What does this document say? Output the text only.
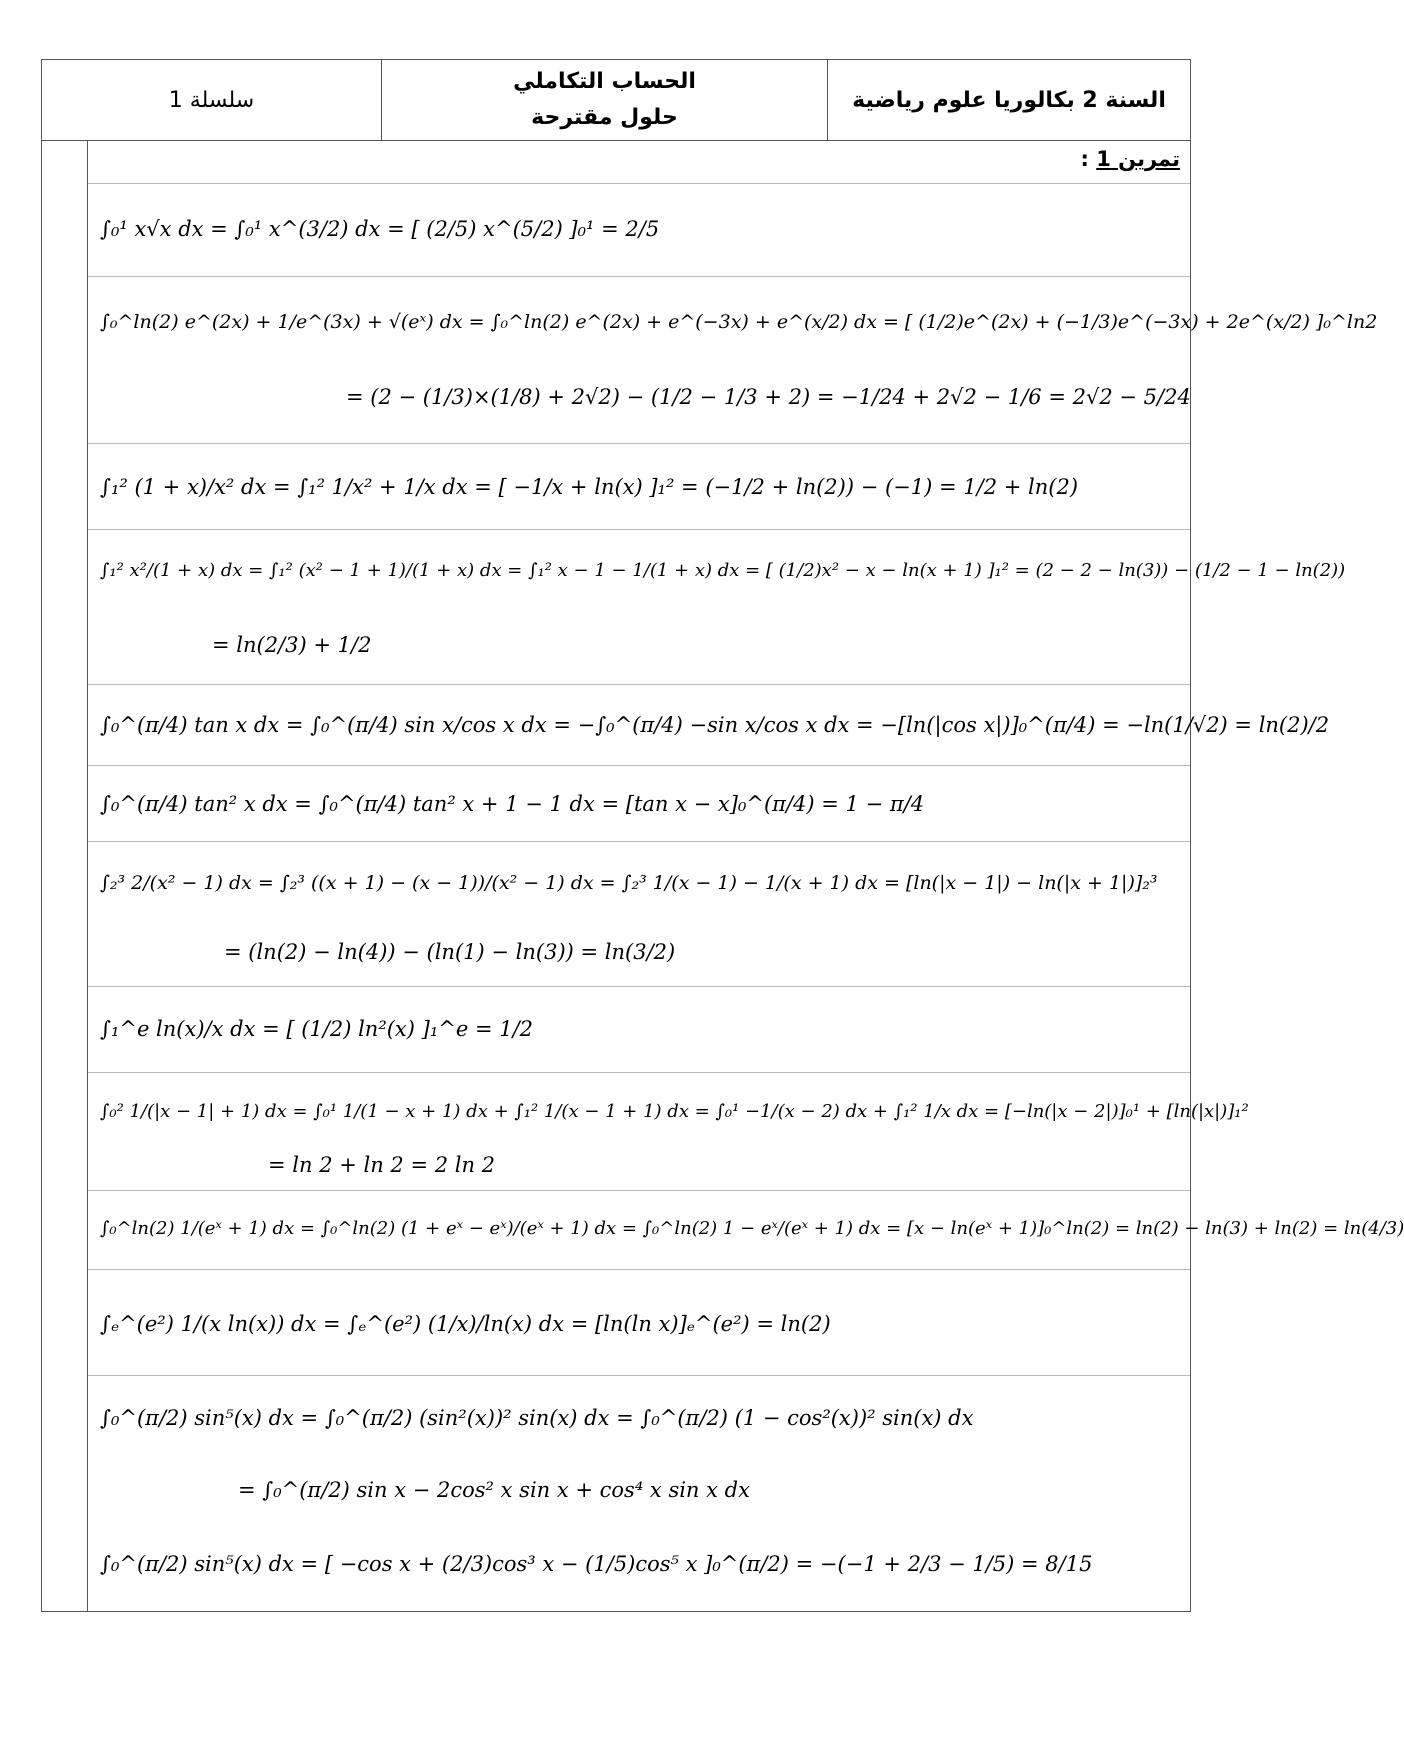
سلسلة 1
الحساب التكاملي
حلول مقترحة
السنة 2 بكالوريا علوم رياضية
تمرين 1 :
∫₀¹ x√x dx = ∫₀¹ x^(3/2) dx = [ (2/5) x^(5/2) ]₀¹ = 2/5
∫₀^ln(2) e^(2x) + 1/e^(3x) + √(eˣ) dx = ∫₀^ln(2) e^(2x) + e^(−3x) + e^(x/2) dx = [ (1/2)e^(2x) + (−1/3)e^(−3x) + 2e^(x/2) ]₀^ln2
= (2 − (1/3)×(1/8) + 2√2) − (1/2 − 1/3 + 2) = −1/24 + 2√2 − 1/6 = 2√2 − 5/24
∫₁² (1 + x)/x² dx = ∫₁² 1/x² + 1/x dx = [ −1/x + ln(x) ]₁² = (−1/2 + ln(2)) − (−1) = 1/2 + ln(2)
∫₁² x²/(1 + x) dx = ∫₁² (x² − 1 + 1)/(1 + x) dx = ∫₁² x − 1 − 1/(1 + x) dx = [ (1/2)x² − x − ln(x + 1) ]₁² = (2 − 2 − ln(3)) − (1/2 − 1 − ln(2))
= ln(2/3) + 1/2
∫₀^(π/4) tan x dx = ∫₀^(π/4) sin x/cos x dx = −∫₀^(π/4) −sin x/cos x dx = −[ln(|cos x|)]₀^(π/4) = −ln(1/√2) = ln(2)/2
∫₀^(π/4) tan² x dx = ∫₀^(π/4) tan² x + 1 − 1 dx = [tan x − x]₀^(π/4) = 1 − π/4
∫₂³ 2/(x² − 1) dx = ∫₂³ ((x + 1) − (x − 1))/(x² − 1) dx = ∫₂³ 1/(x − 1) − 1/(x + 1) dx = [ln(|x − 1|) − ln(|x + 1|)]₂³
= (ln(2) − ln(4)) − (ln(1) − ln(3)) = ln(3/2)
∫₁^e ln(x)/x dx = [ (1/2) ln²(x) ]₁^e = 1/2
∫₀² 1/(|x − 1| + 1) dx = ∫₀¹ 1/(1 − x + 1) dx + ∫₁² 1/(x − 1 + 1) dx = ∫₀¹ −1/(x − 2) dx + ∫₁² 1/x dx = [−ln(|x − 2|)]₀¹ + [ln(|x|)]₁²
= ln 2 + ln 2 = 2 ln 2
∫₀^ln(2) 1/(eˣ + 1) dx = ∫₀^ln(2) (1 + eˣ − eˣ)/(eˣ + 1) dx = ∫₀^ln(2) 1 − eˣ/(eˣ + 1) dx = [x − ln(eˣ + 1)]₀^ln(2) = ln(2) − ln(3) + ln(2) = ln(4/3)
∫ₑ^(e²) 1/(x ln(x)) dx = ∫ₑ^(e²) (1/x)/ln(x) dx = [ln(ln x)]ₑ^(e²) = ln(2)
∫₀^(π/2) sin⁵(x) dx = ∫₀^(π/2) (sin²(x))² sin(x) dx = ∫₀^(π/2) (1 − cos²(x))² sin(x) dx
= ∫₀^(π/2) sin x − 2cos² x sin x + cos⁴ x sin x dx
∫₀^(π/2) sin⁵(x) dx = [ −cos x + (2/3)cos³ x − (1/5)cos⁵ x ]₀^(π/2) = −(−1 + 2/3 − 1/5) = 8/15
